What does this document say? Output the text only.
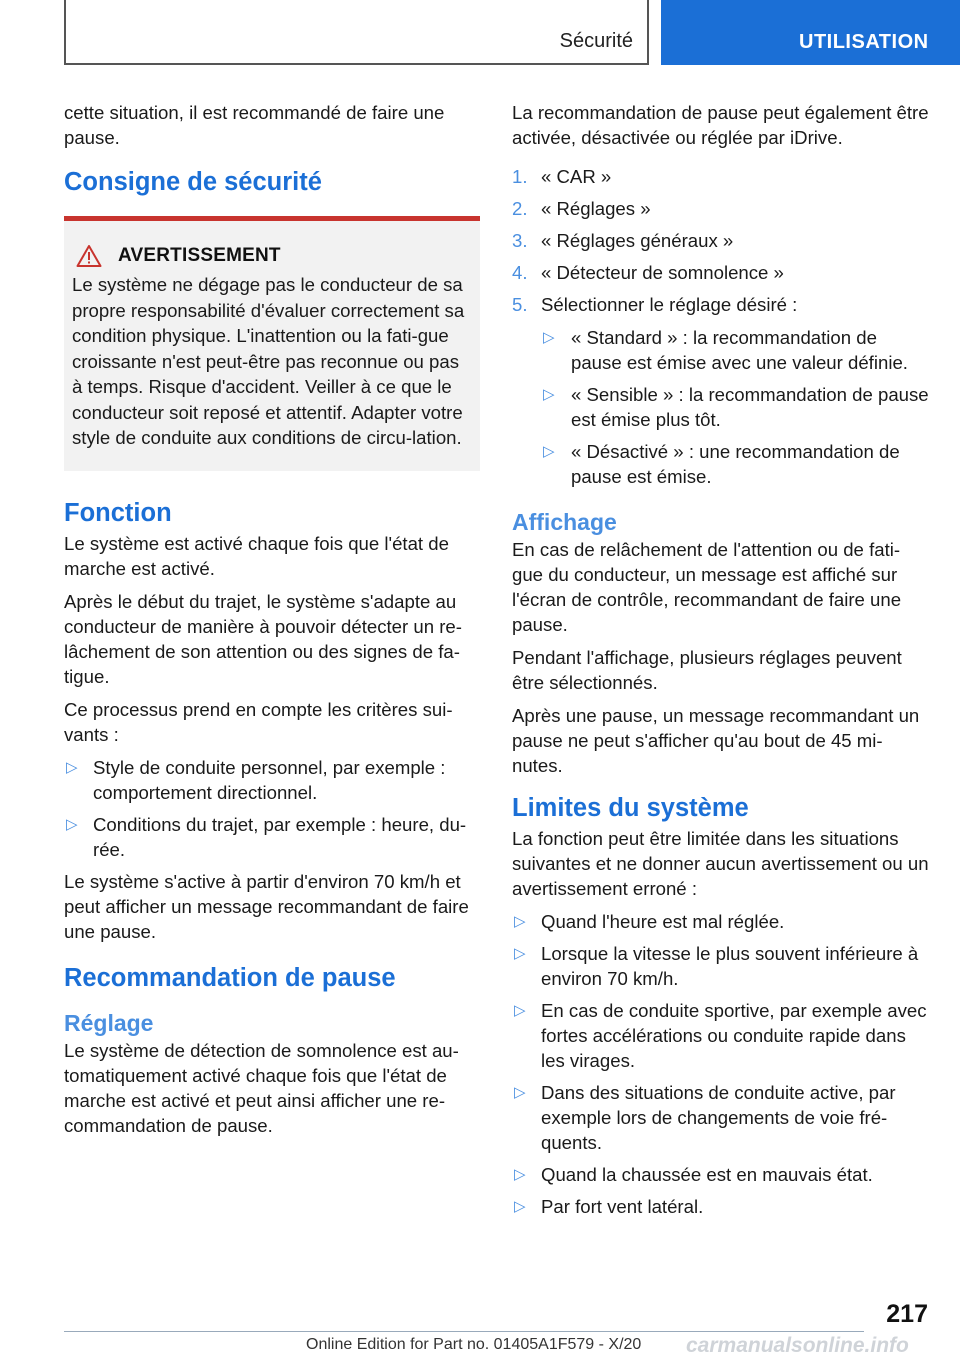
Sécurité	UTILISATION

cette situation, il est recommandé de faire une pause.

Consigne de sécurité
AVERTISSEMENT
Le système ne dégage pas le conducteur de sa propre responsabilité d'évaluer correctement sa condition physique. L'inattention ou la fati-gue croissante n'est peut-être pas reconnue ou pas à temps. Risque d'accident. Veiller à ce que le conducteur soit reposé et attentif. Adapter votre style de conduite aux conditions de circu-lation.
Fonction

Le système est activé chaque fois que l'état de marche est activé.

Après le début du trajet, le système s'adapte au conducteur de manière à pouvoir détecter un re-lâchement de son attention ou des signes de fa-tigue.

Ce processus prend en compte les critères sui-vants :

▷ Style de conduite personnel, par exemple : comportement directionnel.
▷ Conditions du trajet, par exemple : heure, du-rée.

Le système s'active à partir d'environ 70 km/h et peut afficher un message recommandant de faire une pause.

Recommandation de pause
Réglage

Le système de détection de somnolence est au-tomatiquement activé chaque fois que l'état de marche est activé et peut ainsi afficher une re-commandation de pause.

La recommandation de pause peut également être activée, désactivée ou réglée par iDrive.

1. « CAR »
2. « Réglages »
3. « Réglages généraux »
4. « Détecteur de somnolence »
5. Sélectionner le réglage désiré :
▷ « Standard » : la recommandation de pause est émise avec une valeur définie.
▷ « Sensible » : la recommandation de pause est émise plus tôt.
▷ « Désactivé » : une recommandation de pause est émise.
Affichage

En cas de relâchement de l'attention ou de fati-gue du conducteur, un message est affiché sur l'écran de contrôle, recommandant de faire une pause.

Pendant l'affichage, plusieurs réglages peuvent être sélectionnés.

Après une pause, un message recommandant un pause ne peut s'afficher qu'au bout de 45 mi-nutes.

Limites du système

La fonction peut être limitée dans les situations suivantes et ne donner aucun avertissement ou un avertissement erroné :

▷ Quand l'heure est mal réglée.
▷ Lorsque la vitesse le plus souvent inférieure à environ 70 km/h.
▷ En cas de conduite sportive, par exemple avec fortes accélérations ou conduite rapide dans les virages.
▷ Dans des situations de conduite active, par exemple lors de changements de voie fré-quents.
▷ Quand la chaussée est en mauvais état.
▷ Par fort vent latéral.
217
Online Edition for Part no. 01405A1F579 - X/20 carmanualsonline.info
